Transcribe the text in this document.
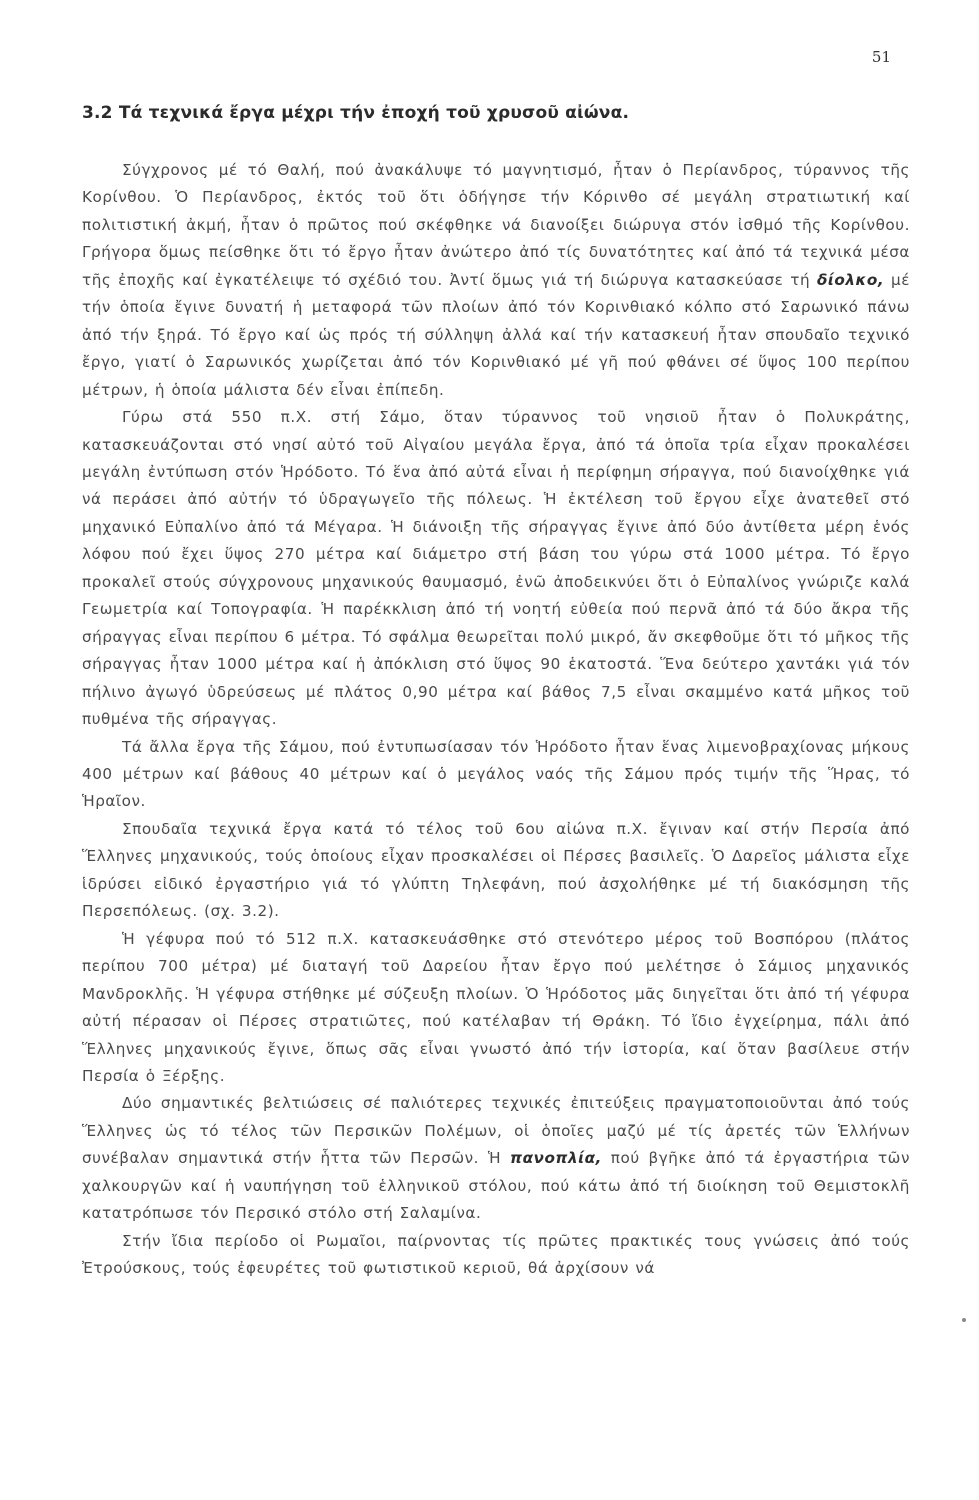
51
3.2 Τά τεχνικά ἔργα μέχρι τήν ἐποχή τοῦ χρυσοῦ αἰώνα.

Σύγχρονος μέ τό Θαλή, πού ἀνακάλυψε τό μαγνητισμό, ἦταν ὁ Περίανδρος, τύραννος τῆς Κορίνθου. Ὁ Περίανδρος, ἐκτός τοῦ ὅτι ὁδήγησε τήν Κόρινθο σέ μεγάλη στρατιωτική καί πολιτιστική ἀκμή, ἦταν ὁ πρῶτος πού σκέφθηκε νά διανοίξει διώρυγα στόν ἰσθμό τῆς Κορίνθου. Γρήγορα ὅμως πείσθηκε ὅτι τό ἔργο ἦταν ἀνώτερο ἀπό τίς δυνατότητες καί ἀπό τά τεχνικά μέσα τῆς ἐποχῆς καί ἐγκατέλειψε τό σχέδιό του. Ἀντί ὅμως γιά τή διώρυγα κατασκεύασε τή δίολκο, μέ τήν ὁποία ἔγινε δυνατή ἡ μεταφορά τῶν πλοίων ἀπό τόν Κορινθιακό κόλπο στό Σαρωνικό πάνω ἀπό τήν ξηρά. Τό ἔργο καί ὡς πρός τή σύλληψη ἀλλά καί τήν κατασκευή ἦταν σπουδαῖο τεχνικό ἔργο, γιατί ὁ Σαρωνικός χωρίζεται ἀπό τόν Κορινθιακό μέ γῆ πού φθάνει σέ ὕψος 100 περίπου μέτρων, ἡ ὁποία μάλιστα δέν εἶναι ἐπίπεδη.

Γύρω στά 550 π.Χ. στή Σάμο, ὅταν τύραννος τοῦ νησιοῦ ἦταν ὁ Πολυκράτης, κατασκευάζονται στό νησί αὐτό τοῦ Αἰγαίου μεγάλα ἔργα, ἀπό τά ὁποῖα τρία εἶχαν προκαλέσει μεγάλη ἐντύπωση στόν Ἡρόδοτο. Τό ἕνα ἀπό αὐτά εἶναι ἡ περίφημη σήραγγα, πού διανοίχθηκε γιά νά περάσει ἀπό αὐτήν τό ὑδραγωγεῖο τῆς πόλεως. Ἡ ἐκτέλεση τοῦ ἔργου εἶχε ἀνατεθεῖ στό μηχανικό Εὐπαλίνο ἀπό τά Μέγαρα. Ἡ διάνοιξη τῆς σήραγγας ἔγινε ἀπό δύο ἀντίθετα μέρη ἑνός λόφου πού ἔχει ὕψος 270 μέτρα καί διάμετρο στή βάση του γύρω στά 1000 μέτρα. Τό ἔργο προκαλεῖ στούς σύγχρονους μηχανικούς θαυμασμό, ἐνῶ ἀποδεικνύει ὅτι ὁ Εὐπαλίνος γνώριζε καλά Γεωμετρία καί Τοπογραφία. Ἡ παρέκκλιση ἀπό τή νοητή εὐθεία πού περνᾶ ἀπό τά δύο ἄκρα τῆς σήραγγας εἶναι περίπου 6 μέτρα. Τό σφάλμα θεωρεῖται πολύ μικρό, ἄν σκεφθοῦμε ὅτι τό μῆκος τῆς σήραγγας ἦταν 1000 μέτρα καί ἡ ἀπόκλιση στό ὕψος 90 ἑκατοστά. Ἕνα δεύτερο χαντάκι γιά τόν πήλινο ἀγωγό ὑδρεύσεως μέ πλάτος 0,90 μέτρα καί βάθος 7,5 εἶναι σκαμμένο κατά μῆκος τοῦ πυθμένα τῆς σήραγγας.

Τά ἄλλα ἔργα τῆς Σάμου, πού ἐντυπωσίασαν τόν Ἡρόδοτο ἦταν ἕνας λιμενοβραχίονας μήκους 400 μέτρων καί βάθους 40 μέτρων καί ὁ μεγάλος ναός τῆς Σάμου πρός τιμήν τῆς Ἥρας, τό Ἡραῖον.

Σπουδαῖα τεχνικά ἔργα κατά τό τέλος τοῦ 6ου αἰώνα π.Χ. ἔγιναν καί στήν Περσία ἀπό Ἕλληνες μηχανικούς, τούς ὁποίους εἶχαν προσκαλέσει οἱ Πέρσες βασιλεῖς. Ὁ Δαρεῖος μάλιστα εἶχε ἱδρύσει εἰδικό ἐργαστήριο γιά τό γλύπτη Τηλεφάνη, πού ἀσχολήθηκε μέ τή διακόσμηση τῆς Περσεπόλεως. (σχ. 3.2).

Ἡ γέφυρα πού τό 512 π.Χ. κατασκευάσθηκε στό στενότερο μέρος τοῦ Βοσπόρου (πλάτος περίπου 700 μέτρα) μέ διαταγή τοῦ Δαρείου ἦταν ἔργο πού μελέτησε ὁ Σάμιος μηχανικός Μανδροκλῆς. Ἡ γέφυρα στήθηκε μέ σύζευξη πλοίων. Ὁ Ἡρόδοτος μᾶς διηγεῖται ὅτι ἀπό τή γέφυρα αὐτή πέρασαν οἱ Πέρσες στρατιῶτες, πού κατέλαβαν τή Θράκη. Τό ἴδιο ἐγχείρημα, πάλι ἀπό Ἕλληνες μηχανικούς ἔγινε, ὅπως σᾶς εἶναι γνωστό ἀπό τήν ἱστορία, καί ὅταν βασίλευε στήν Περσία ὁ Ξέρξης.

Δύο σημαντικές βελτιώσεις σέ παλιότερες τεχνικές ἐπιτεύξεις πραγματοποιοῦνται ἀπό τούς Ἕλληνες ὡς τό τέλος τῶν Περσικῶν Πολέμων, οἱ ὁποῖες μαζύ μέ τίς ἀρετές τῶν Ἑλλήνων συνέβαλαν σημαντικά στήν ἧττα τῶν Περσῶν. Ἡ πανοπλία, πού βγῆκε ἀπό τά ἐργαστήρια τῶν χαλκουργῶν καί ἡ ναυπήγηση τοῦ ἑλληνικοῦ στόλου, πού κάτω ἀπό τή διοίκηση τοῦ Θεμιστοκλῆ κατατρόπωσε τόν Περσικό στόλο στή Σαλαμίνα.

Στήν ἴδια περίοδο οἱ Ρωμαῖοι, παίρνοντας τίς πρῶτες πρακτικές τους γνώσεις ἀπό τούς Ἐτρούσκους, τούς ἐφευρέτες τοῦ φωτιστικοῦ κεριοῦ, θά ἀρχίσουν νά
